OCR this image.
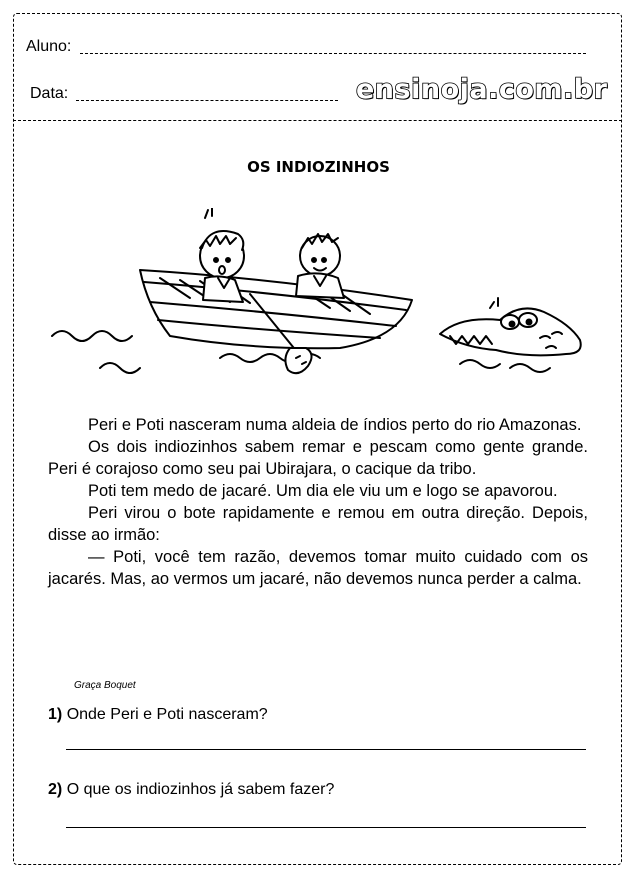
Aluno:
Data:	ensinoja.com.br
OS INDIOZINHOS

Peri e Poti nasceram numa aldeia de índios perto do rio Amazonas.

Os dois indiozinhos sabem remar e pescam como gente grande. Peri é corajoso como seu pai Ubirajara, o cacique da tribo.

Poti tem medo de jacaré. Um dia ele viu um e logo se apavorou.

Peri virou o bote rapidamente e remou em outra direção. Depois, disse ao irmão:

— Poti, você tem razão, devemos tomar muito cuidado com os jacarés. Mas, ao vermos um jacaré, não devemos nunca perder a calma.

Graça Boquet
1) Onde Peri e Poti nasceram?
2) O que os indiozinhos já sabem fazer?
